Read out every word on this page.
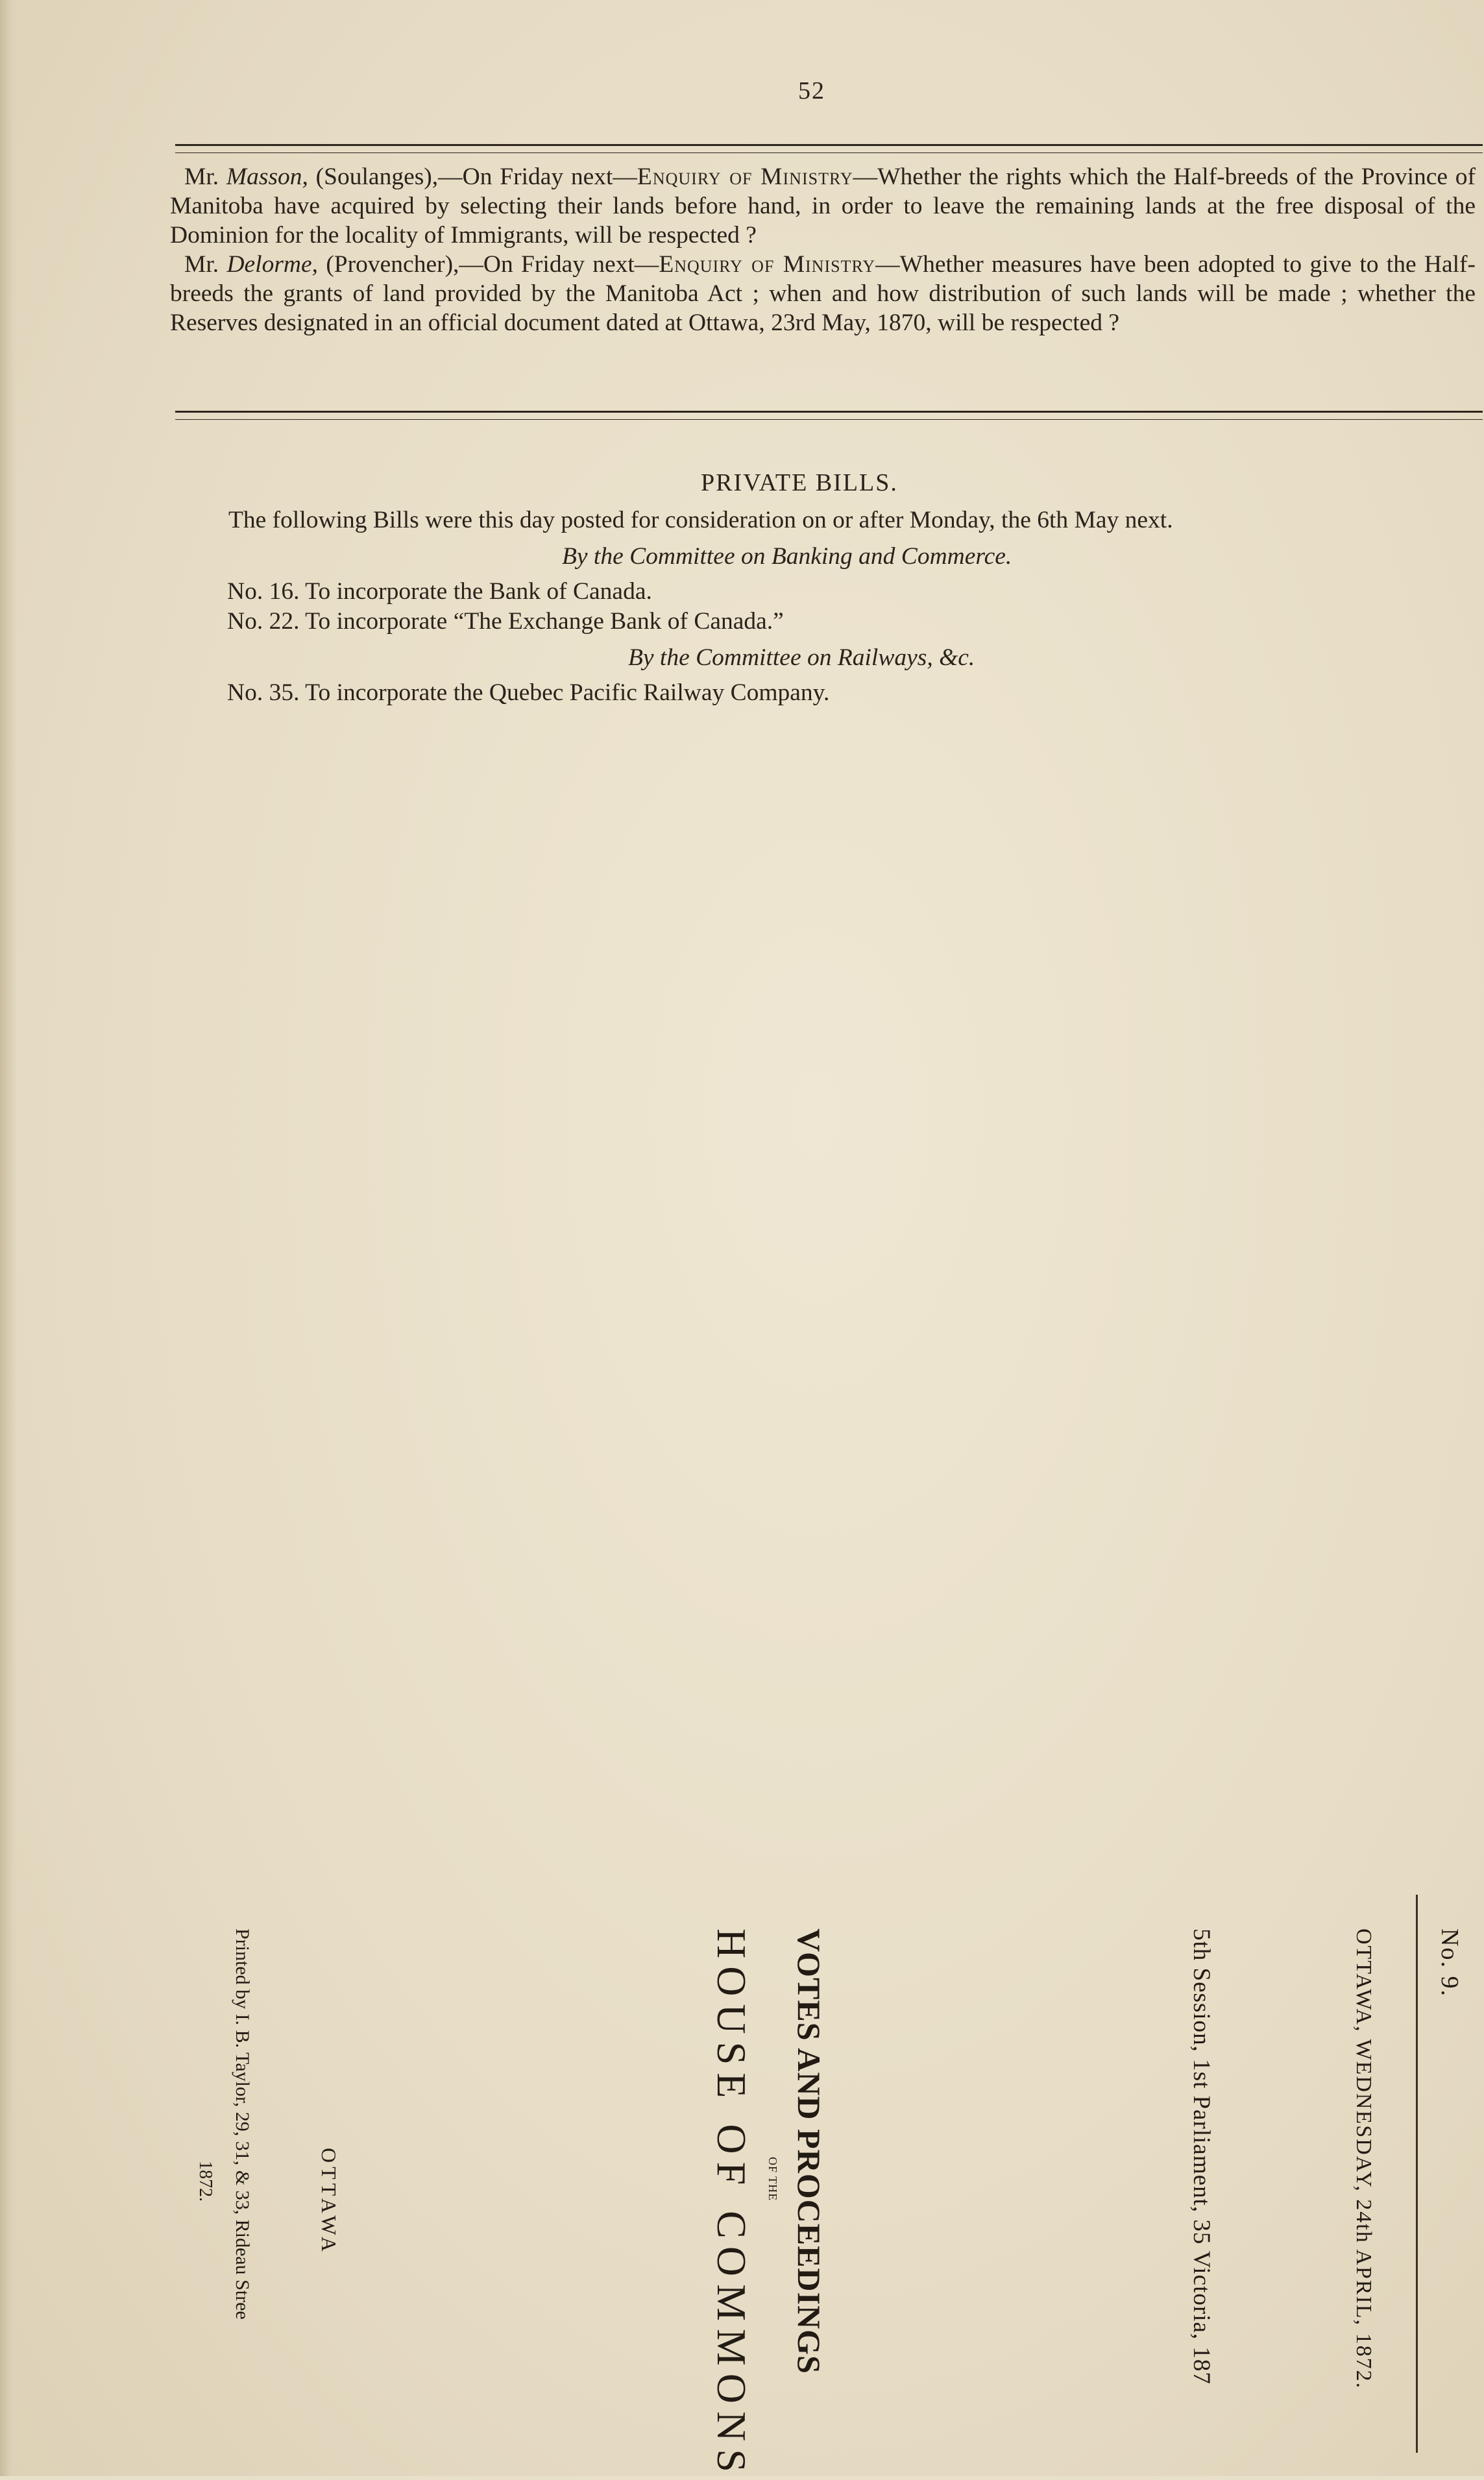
52

Mr. Masson, (Soulanges),—On Friday next—Enquiry of Ministry—Whether the rights which the Half-breeds of the Province of Manitoba have acquired by selecting their lands before hand, in order to leave the remaining lands at the free disposal of the Dominion for the locality of Immigrants, will be respected ?

Mr. Delorme, (Provencher),—On Friday next—Enquiry of Ministry—Whether measures have been adopted to give to the Half-breeds the grants of land provided by the Manitoba Act ; when and how distribution of such lands will be made ; whether the Reserves designated in an official document dated at Ottawa, 23rd May, 1870, will be respected ?

PRIVATE BILLS.
The following Bills were this day posted for consideration on or after Monday, the 6th May next.
By the Committee on Banking and Commerce.
No. 16. To incorporate the Bank of Canada.
No. 22. To incorporate “The Exchange Bank of Canada.”
By the Committee on Railways, &c.
No. 35. To incorporate the Quebec Pacific Railway Company.
No. 9.
OTTAWA, WEDNESDAY, 24th APRIL, 1872.
5th Session, 1st Parliament, 35 Victoria, 187
VOTES AND PROCEEDINGS
OF THE
HOUSE OF COMMONS
OTTAWA
Printed by I. B. Taylor, 29, 31, & 33, Rideau Stree
1872.
